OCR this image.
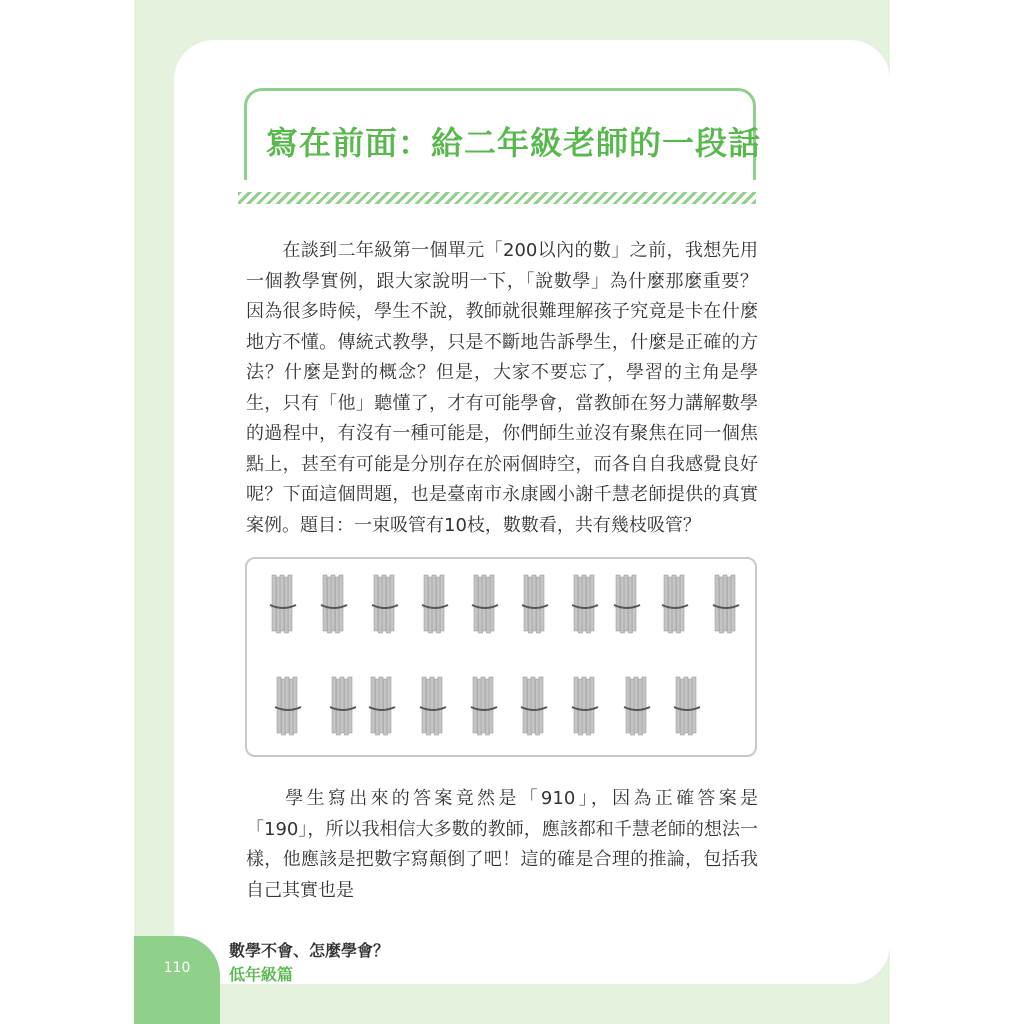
寫在前面：給二年級老師的一段話

在談到二年級第一個單元「200以內的數」之前，我想先用一個教學實例，跟大家說明一下，「說數學」為什麼那麼重要？因為很多時候，學生不說，教師就很難理解孩子究竟是卡在什麼地方不懂。傳統式教學，只是不斷地告訴學生，什麼是正確的方法？什麼是對的概念？但是，大家不要忘了，學習的主角是學生，只有「他」聽懂了，才有可能學會，當教師在努力講解數學的過程中，有沒有一種可能是，你們師生並沒有聚焦在同一個焦點上，甚至有可能是分別存在於兩個時空，而各自自我感覺良好呢？下面這個問題，也是臺南市永康國小謝千慧老師提供的真實案例。題目：一束吸管有10枝，數數看，共有幾枝吸管？

學生寫出來的答案竟然是「910」，因為正確答案是「190」，所以我相信大多數的教師，應該都和千慧老師的想法一樣，他應該是把數字寫顛倒了吧！這的確是合理的推論，包括我自己其實也是

110
數學不會、怎麼學會？
低年級篇
